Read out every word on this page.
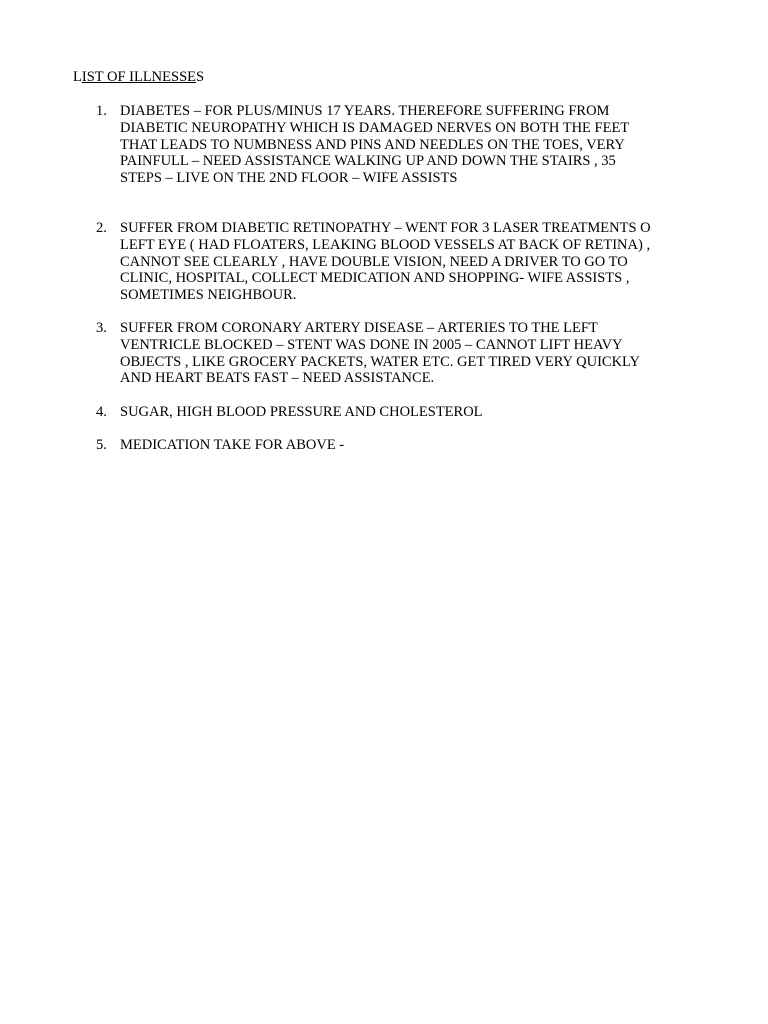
LIST OF ILLNESSES
1. DIABETES – FOR PLUS/MINUS 17 YEARS. THEREFORE SUFFERING FROM
DIABETIC NEUROPATHY WHICH IS DAMAGED NERVES ON BOTH THE FEET
THAT LEADS TO NUMBNESS AND PINS AND NEEDLES ON THE TOES, VERY
PAINFULL – NEED ASSISTANCE WALKING UP AND DOWN THE STAIRS , 35
STEPS – LIVE ON THE 2ND FLOOR – WIFE ASSISTS
2. SUFFER FROM DIABETIC RETINOPATHY – WENT FOR 3 LASER TREATMENTS O
LEFT EYE ( HAD FLOATERS, LEAKING BLOOD VESSELS AT BACK OF RETINA) ,
CANNOT SEE CLEARLY , HAVE DOUBLE VISION, NEED A DRIVER TO GO TO
CLINIC, HOSPITAL, COLLECT MEDICATION AND SHOPPING- WIFE ASSISTS ,
SOMETIMES NEIGHBOUR.
3. SUFFER FROM CORONARY ARTERY DISEASE – ARTERIES TO THE LEFT
VENTRICLE BLOCKED – STENT WAS DONE IN 2005 – CANNOT LIFT HEAVY
OBJECTS , LIKE GROCERY PACKETS, WATER ETC. GET TIRED VERY QUICKLY
AND HEART BEATS FAST – NEED ASSISTANCE.
4. SUGAR, HIGH BLOOD PRESSURE AND CHOLESTEROL
5. MEDICATION TAKE FOR ABOVE -
